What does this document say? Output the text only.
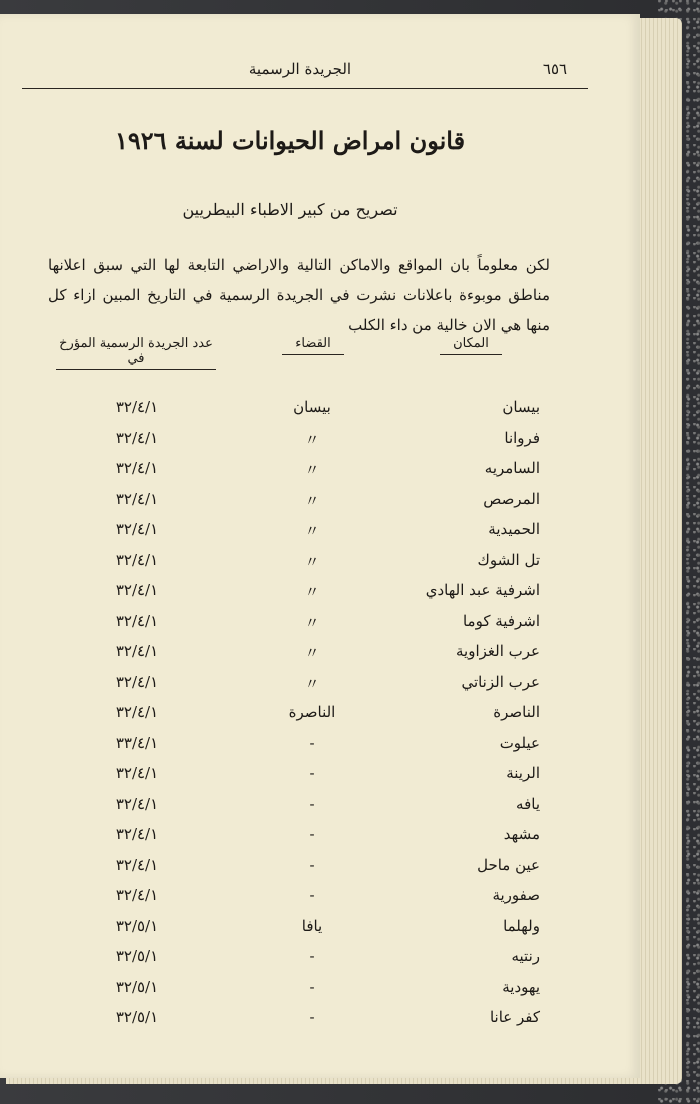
الجريدة الرسمية	٦٥٦
قانون امراض الحيوانات لسنة ١٩٢٦
تصريح من كبير الاطباء البيطريين
لكن معلوماً بان المواقع والاماكن التالية والاراضي التابعة لها التي سبق اعلانها مناطق موبوءة باعلانات نشرت في الجريدة الرسمية في التاريخ المبين ازاء كل منها هي الان خالية من داء الكلب
المكان
القضاء
عدد الجريدة الرسمية المؤرخ في
بيسان
بيسان
٣٢/٤/١
فروانا
〃
٣٢/٤/١
السامريه
〃
٣٢/٤/١
المرصص
〃
٣٢/٤/١
الحميدية
〃
٣٢/٤/١
تل الشوك
〃
٣٢/٤/١
اشرفية عبد الهادي
〃
٣٢/٤/١
اشرفية كوما
〃
٣٢/٤/١
عرب الغزاوية
〃
٣٢/٤/١
عرب الزناتي
〃
٣٢/٤/١
الناصرة
الناصرة
٣٢/٤/١
عيلوت
-
٣٣/٤/١
الرينة
-
٣٢/٤/١
يافه
-
٣٢/٤/١
مشهد
-
٣٢/٤/١
عين ماحل
-
٣٢/٤/١
صفورية
-
٣٢/٤/١
ولهلما
يافا
٣٢/٥/١
رنتيه
-
٣٢/٥/١
يهودية
-
٣٢/٥/١
كفر عانا
-
٣٢/٥/١
